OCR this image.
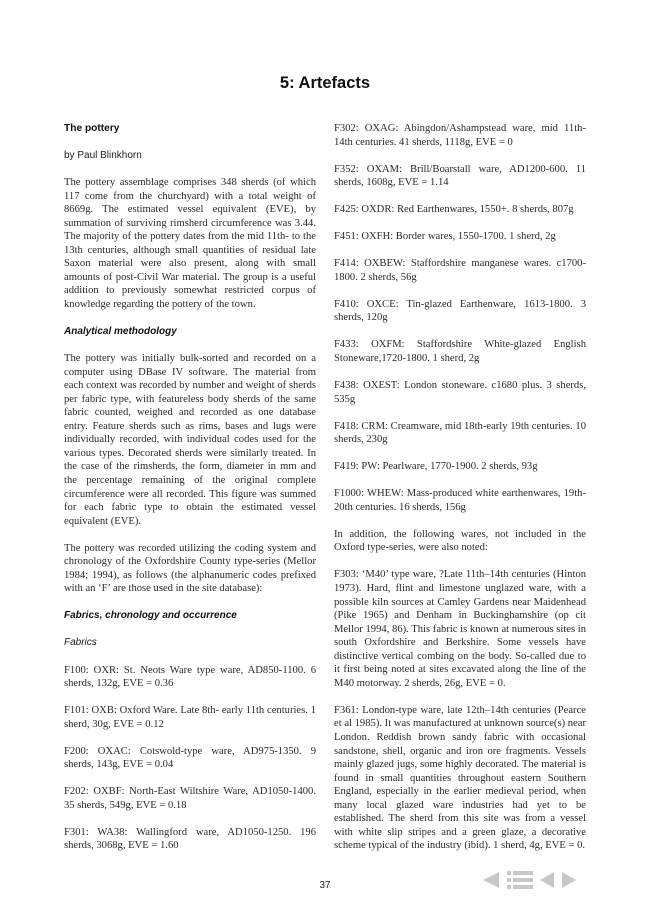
5: Artefacts

The pottery

by Paul Blinkhorn

The pottery assemblage comprises 348 sherds (of which 117 come from the churchyard) with a total weight of 8669g. The estimated vessel equivalent (EVE), by summation of surviving rimsherd circumference was 3.44. The majority of the pottery dates from the mid 11th- to the 13th centuries, although small quantities of residual late Saxon material were also present, along with small amounts of post-Civil War material. The group is a useful addition to previously somewhat restricted corpus of knowledge regarding the pottery of the town.

Analytical methodology

The pottery was initially bulk-sorted and recorded on a computer using DBase IV software. The material from each context was recorded by number and weight of sherds per fabric type, with featureless body sherds of the same fabric counted, weighed and recorded as one database entry. Feature sherds such as rims, bases and lugs were individually recorded, with individual codes used for the various types. Decorated sherds were similarly treated. In the case of the rimsherds, the form, diameter in mm and the percentage remaining of the original complete circumference were all recorded. This figure was summed for each fabric type to obtain the estimated vessel equivalent (EVE).

The pottery was recorded utilizing the coding system and chronology of the Oxfordshire County type-series (Mellor 1984; 1994), as follows (the alphanumeric codes prefixed with an ‘F’ are those used in the site database):

Fabrics, chronology and occurrence

Fabrics

F100: OXR: St. Neots Ware type ware, AD850-1100. 6 sherds, 132g, EVE = 0.36

F101: OXB: Oxford Ware. Late 8th- early 11th centuries. 1 sherd, 30g, EVE = 0.12

F200: OXAC: Cotswold-type ware, AD975-1350. 9 sherds, 143g, EVE = 0.04

F202: OXBF: North-East Wiltshire Ware, AD1050-1400. 35 sherds, 549g, EVE = 0.18

F301: WA38: Wallingford ware, AD1050-1250. 196 sherds, 3068g, EVE = 1.60

F302: OXAG: Abingdon/Ashampstead ware, mid 11th-14th centuries. 41 sherds, 1118g, EVE = 0

F352: OXAM: Brill/Boarstall ware, AD1200-600. 11 sherds, 1608g, EVE = 1.14

F425: OXDR: Red Earthenwares, 1550+. 8 sherds, 807g

F451: OXFH: Border wares, 1550-1700. 1 sherd, 2g

F414: OXBEW: Staffordshire manganese wares. c1700-1800. 2 sherds, 56g

F410: OXCE: Tin-glazed Earthenware, 1613-1800. 3 sherds, 120g

F433: OXFM: Staffordshire White-glazed English Stoneware,1720-1800. 1 sherd, 2g

F438: OXEST: London stoneware. c1680 plus. 3 sherds, 535g

F418: CRM: Creamware, mid 18th-early 19th centuries. 10 sherds, 230g

F419: PW: Pearlware, 1770-1900. 2 sherds, 93g

F1000: WHEW: Mass-produced white earthenwares, 19th-20th centuries. 16 sherds, 156g

In addition, the following wares, not included in the Oxford type-series, were also noted:

F303: ‘M40’ type ware, ?Late 11th–14th centuries (Hinton 1973). Hard, flint and limestone unglazed ware, with a possible kiln sources at Camley Gardens near Maidenhead (Pike 1965) and Denham in Buckinghamshire (op cit Mellor 1994, 86). This fabric is known at numerous sites in south Oxfordshire and Berkshire. Some vessels have distinctive vertical combing on the body. So-called due to it first being noted at sites excavated along the line of the M40 motorway. 2 sherds, 26g, EVE = 0.

F361: London-type ware, late 12th–14th centuries (Pearce et al 1985). It was manufactured at unknown source(s) near London. Reddish brown sandy fabric with occasional sandstone, shell, organic and iron ore fragments. Vessels mainly glazed jugs, some highly decorated. The material is found in small quantities throughout eastern Southern England, especially in the earlier medieval period, when many local glazed ware industries had yet to be established. The sherd from this site was from a vessel with white slip stripes and a green glaze, a decorative scheme typical of the industry (ibid). 1 sherd, 4g, EVE = 0.

37
